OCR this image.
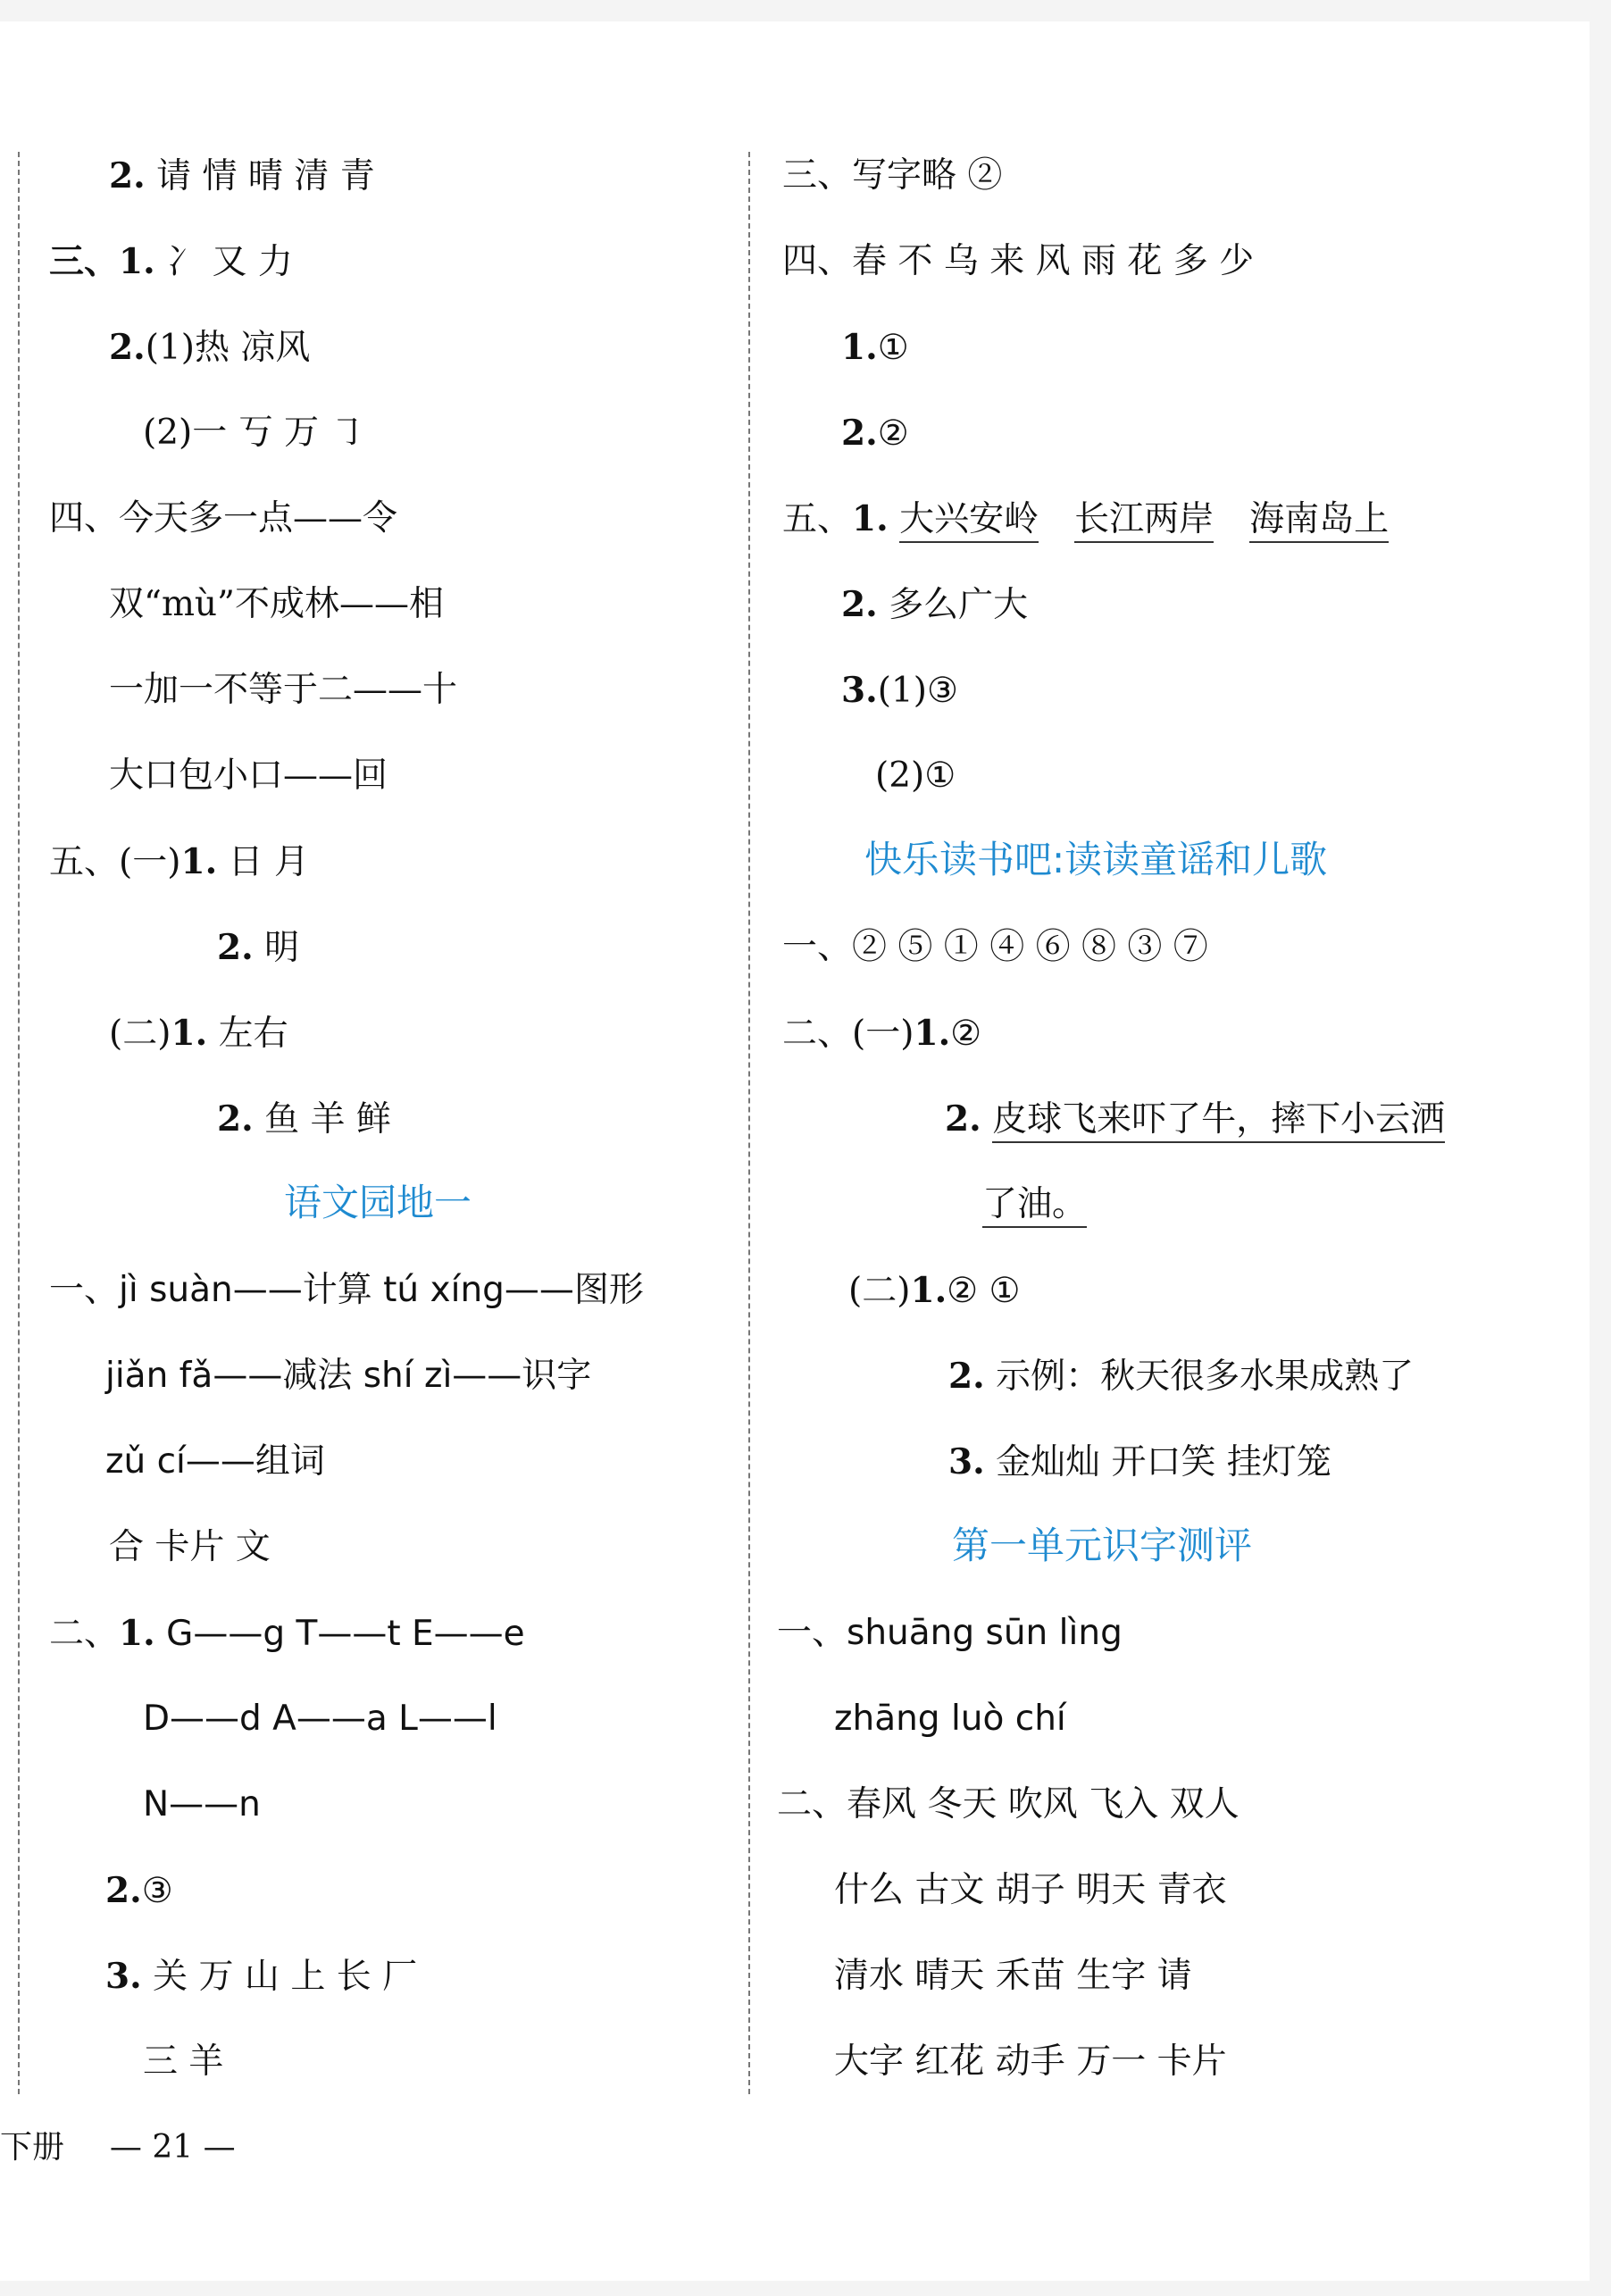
2. 请 情 晴 清 青
三、1. 冫 又 力
2.(1)热 凉风
(2)一 丂 万 ㇆
四、今天多一点——令
双“mù”不成林——相
一加一不等于二——十
大口包小口——回
五、(一)1. 日 月
2. 明
(二)1. 左右
2. 鱼 羊 鲜
语文园地一
一、jì suàn——计算 tú xíng——图形
jiǎn fǎ——减法 shí zì——识字
zǔ cí——组词
合 卡片 文
二、1. G——g T——t E——e
D——d A——a L——l
N——n
2.③
3. 关 万 山 上 长 厂
三 羊
三、写字略 ②
四、春 不 乌 来 风 雨 花 多 少
1.①
2.②
五、1. 大兴安岭 长江两岸 海南岛上
2. 多么广大
3.(1)③
(2)①
快乐读书吧:读读童谣和儿歌
一、② ⑤ ① ④ ⑥ ⑧ ③ ⑦
二、(一)1.②
2. 皮球飞来吓了牛，摔下小云洒
了油。
(二)1.② ①
2. 示例：秋天很多水果成熟了
3. 金灿灿 开口笑 挂灯笼
第一单元识字测评
一、shuāng sūn lìng
zhāng luò chí
二、春风 冬天 吹风 飞入 双人
什么 古文 胡子 明天 青衣
清水 晴天 禾苗 生字 请
大字 红花 动手 万一 卡片
下册 — 21 —
